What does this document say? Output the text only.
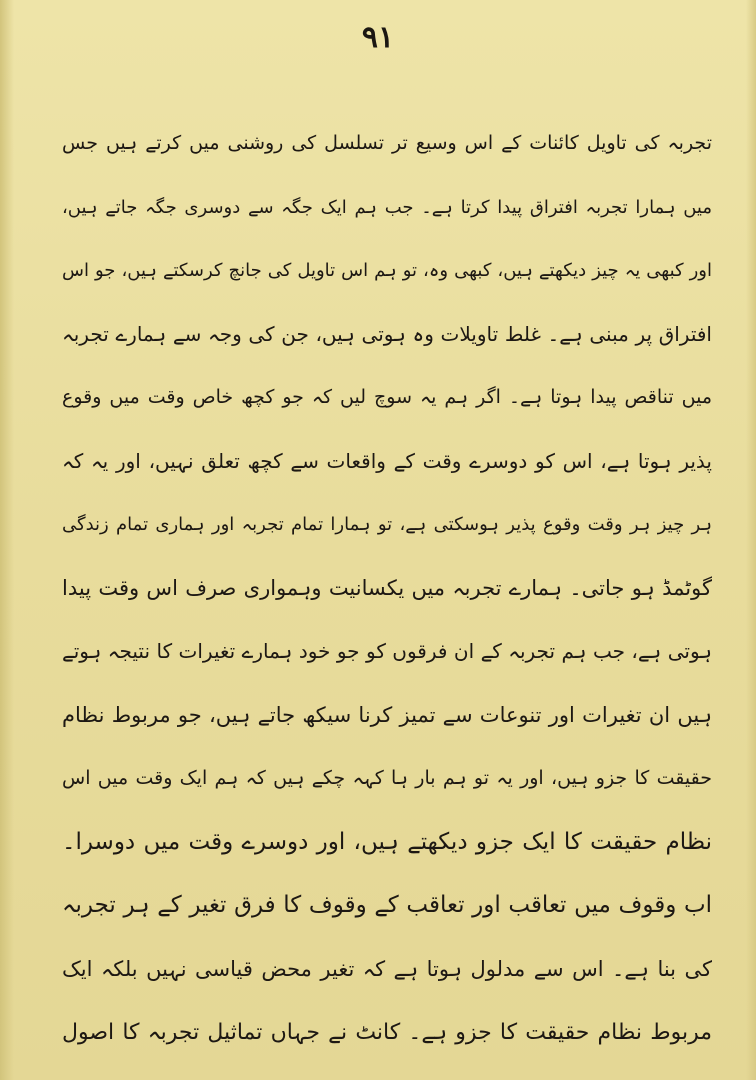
۹۱
تجربہ کی تاویل کائنات کے اس وسیع تر تسلسل کی روشنی میں کرتے ہیں جس
میں ہمارا تجربہ افتراق پیدا کرتا ہے۔ جب ہم ایک جگہ سے دوسری جگہ جاتے ہیں،
اور کبھی یہ چیز دیکھتے ہیں، کبھی وہ، تو ہم اس تاویل کی جانچ کرسکتے ہیں، جو اس
افتراق پر مبنی ہے۔ غلط تاویلات وہ ہوتی ہیں، جن کی وجہ سے ہمارے تجربہ
میں تناقص پیدا ہوتا ہے۔ اگر ہم یہ سوچ لیں کہ جو کچھ خاص وقت میں وقوع
پذیر ہوتا ہے، اس کو دوسرے وقت کے واقعات سے کچھ تعلق نہیں، اور یہ کہ
ہر چیز ہر وقت وقوع پذیر ہوسکتی ہے، تو ہمارا تمام تجربہ اور ہماری تمام زندگی
گوٹمڈ ہو جاتی۔ ہمارے تجربہ میں یکسانیت وہمواری صرف اس وقت پیدا
ہوتی ہے، جب ہم تجربہ کے ان فرقوں کو جو خود ہمارے تغیرات کا نتیجہ ہوتے
ہیں ان تغیرات اور تنوعات سے تمیز کرنا سیکھ جاتے ہیں، جو مربوط نظام
حقیقت کا جزو ہیں، اور یہ تو ہم بار ہا کہہ چکے ہیں کہ ہم ایک وقت میں اس
نظام حقیقت کا ایک جزو دیکھتے ہیں، اور دوسرے وقت میں دوسرا۔
اب وقوف میں تعاقب اور تعاقب کے وقوف کا فرق تغیر کے ہر تجربہ
کی بنا ہے۔ اس سے مدلول ہوتا ہے کہ تغیر محض قیاسی نہیں بلکہ ایک
مربوط نظام حقیقت کا جزو ہے۔ کانٹ نے جہاں تماثیل تجربہ کا اصول
